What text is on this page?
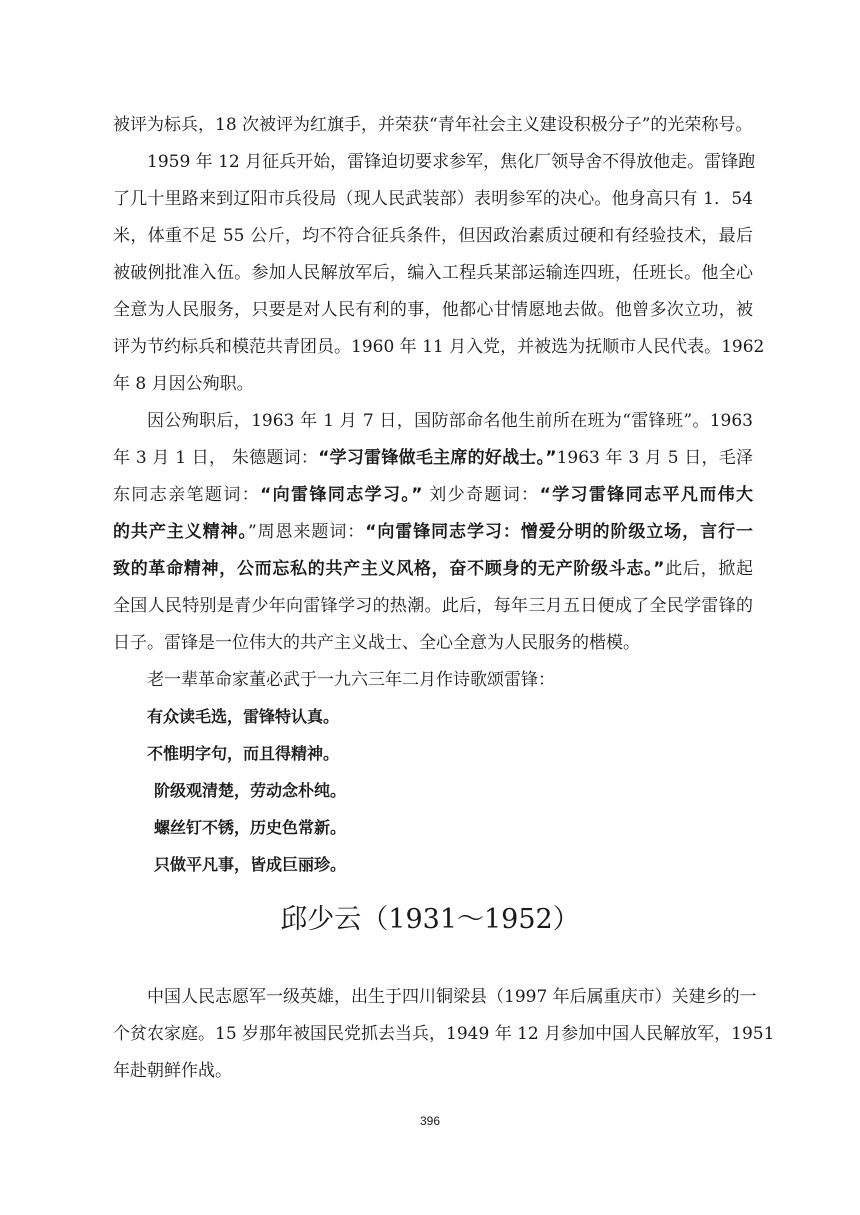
被评为标兵，18 次被评为红旗手，并荣获“青年社会主义建设积极分子”的光荣称号。
1959 年 12 月征兵开始，雷锋迫切要求参军，焦化厂领导舍不得放他走。雷锋跑
了几十里路来到辽阳市兵役局（现人民武装部）表明参军的决心。他身高只有 1．54
米，体重不足 55 公斤，均不符合征兵条件，但因政治素质过硬和有经验技术，最后
被破例批准入伍。参加人民解放军后，编入工程兵某部运输连四班，任班长。他全心
全意为人民服务，只要是对人民有利的事，他都心甘情愿地去做。他曾多次立功，被
评为节约标兵和模范共青团员。1960 年 11 月入党，并被选为抚顺市人民代表。1962
年 8 月因公殉职。
因公殉职后，1963 年 1 月 7 日，国防部命名他生前所在班为“雷锋班”。1963
年 3 月 1 日， 朱德题词：“学习雷锋做毛主席的好战士。”1963 年 3 月 5 日，毛泽
东同志亲笔题词：“向雷锋同志学习。” 刘少奇题词：“学习雷锋同志平凡而伟大
的共产主义精神。”周恩来题词：“向雷锋同志学习：憎爱分明的阶级立场，言行一
致的革命精神，公而忘私的共产主义风格，奋不顾身的无产阶级斗志。”此后，掀起
全国人民特别是青少年向雷锋学习的热潮。此后，每年三月五日便成了全民学雷锋的
日子。雷锋是一位伟大的共产主义战士、全心全意为人民服务的楷模。
老一辈革命家董必武于一九六三年二月作诗歌颂雷锋：
有众读毛选，雷锋特认真。
不惟明字句，而且得精神。
阶级观清楚，劳动念朴纯。
螺丝钉不锈，历史色常新。
只做平凡事，皆成巨丽珍。
邱少云（1931～1952）
中国人民志愿军一级英雄，出生于四川铜梁县（1997 年后属重庆市）关建乡的一
个贫农家庭。15 岁那年被国民党抓去当兵，1949 年 12 月参加中国人民解放军，1951
年赴朝鲜作战。
396
